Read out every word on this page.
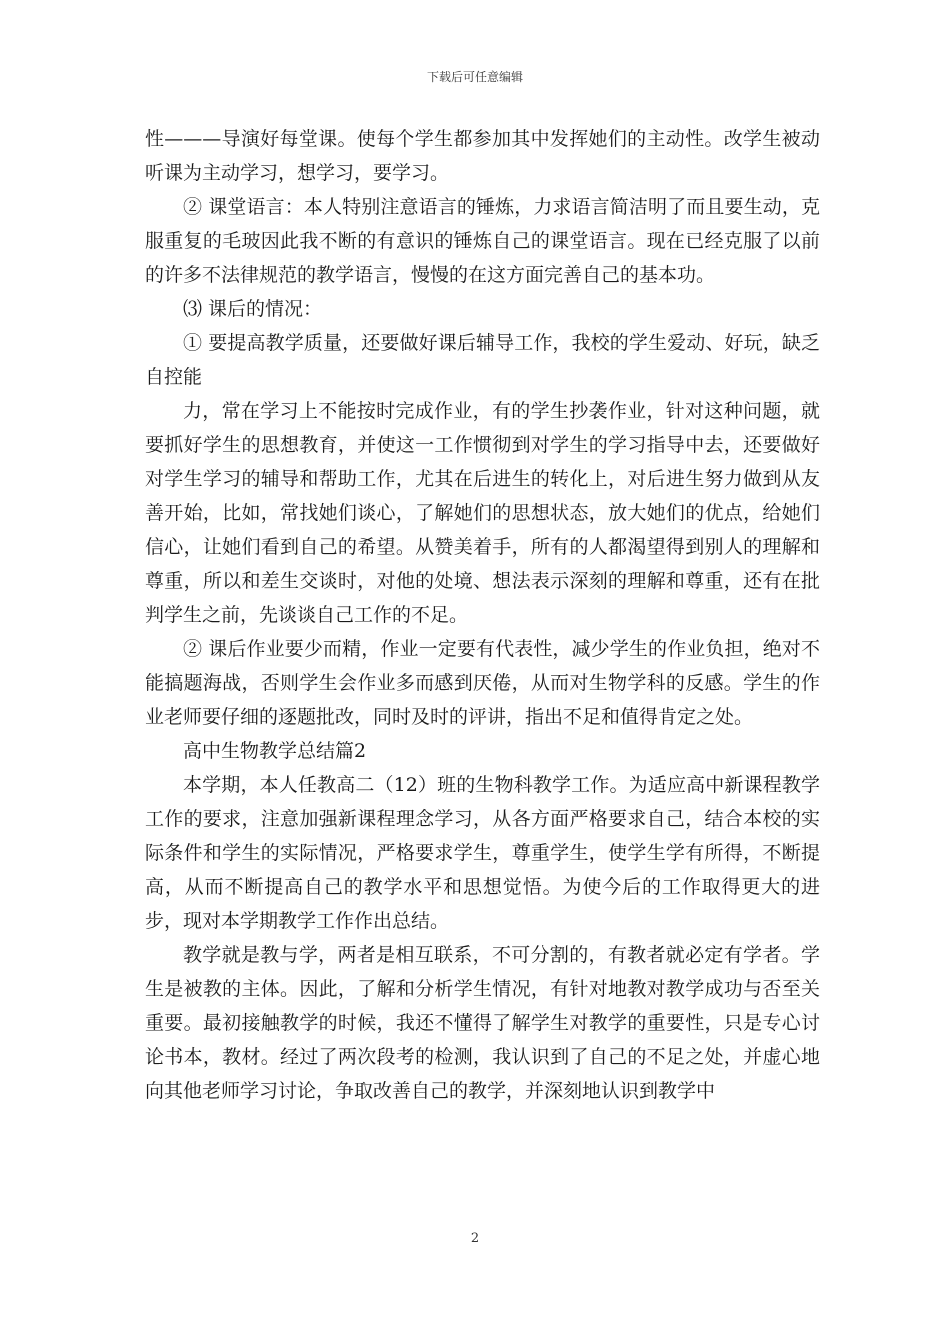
下载后可任意编辑

性———导演好每堂课。使每个学生都参加其中发挥她们的主动性。改学生被动听课为主动学习，想学习，要学习。

② 课堂语言：本人特别注意语言的锤炼，力求语言简洁明了而且要生动，克服重复的毛玻因此我不断的有意识的锤炼自己的课堂语言。现在已经克服了以前的许多不法律规范的教学语言，慢慢的在这方面完善自己的基本功。

⑶ 课后的情况：

① 要提高教学质量，还要做好课后辅导工作，我校的学生爱动、好玩，缺乏自控能

力，常在学习上不能按时完成作业，有的学生抄袭作业，针对这种问题，就要抓好学生的思想教育，并使这一工作惯彻到对学生的学习指导中去，还要做好对学生学习的辅导和帮助工作，尤其在后进生的转化上，对后进生努力做到从友善开始，比如，常找她们谈心，了解她们的思想状态，放大她们的优点，给她们信心，让她们看到自己的希望。从赞美着手，所有的人都渴望得到别人的理解和尊重，所以和差生交谈时，对他的处境、想法表示深刻的理解和尊重，还有在批判学生之前，先谈谈自己工作的不足。

② 课后作业要少而精，作业一定要有代表性，减少学生的作业负担，绝对不能搞题海战，否则学生会作业多而感到厌倦，从而对生物学科的反感。学生的作业老师要仔细的逐题批改，同时及时的评讲，指出不足和值得肯定之处。

高中生物教学总结篇2

本学期，本人任教高二（12）班的生物科教学工作。为适应高中新课程教学工作的要求，注意加强新课程理念学习，从各方面严格要求自己，结合本校的实际条件和学生的实际情况，严格要求学生，尊重学生，使学生学有所得，不断提高，从而不断提高自己的教学水平和思想觉悟。为使今后的工作取得更大的进步，现对本学期教学工作作出总结。

教学就是教与学，两者是相互联系，不可分割的，有教者就必定有学者。学生是被教的主体。因此，了解和分析学生情况，有针对地教对教学成功与否至关重要。最初接触教学的时候，我还不懂得了解学生对教学的重要性，只是专心讨论书本，教材。经过了两次段考的检测，我认识到了自己的不足之处，并虚心地向其他老师学习讨论，争取改善自己的教学，并深刻地认识到教学中

2
